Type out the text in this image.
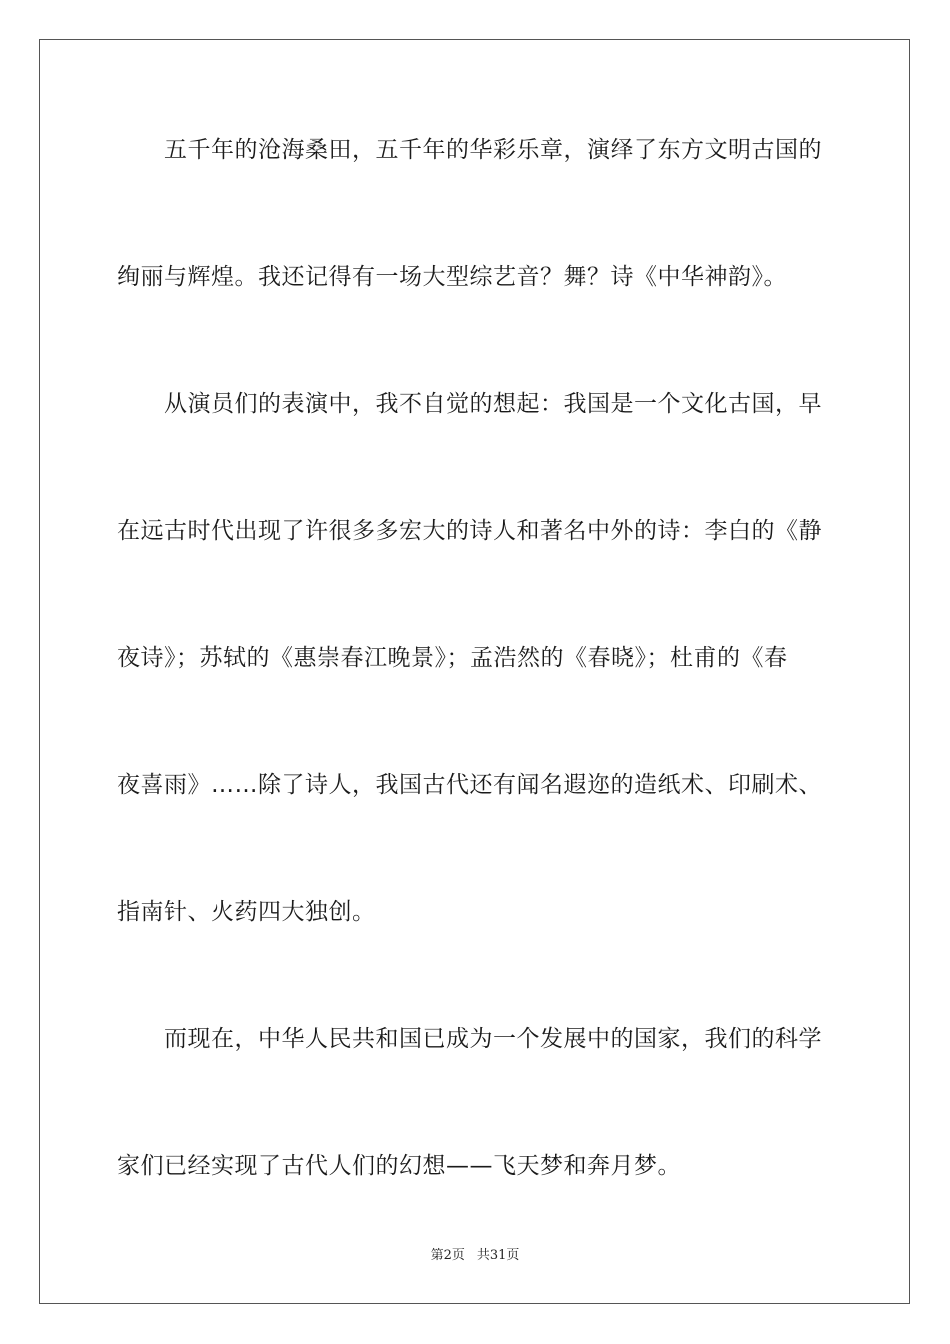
五千年的沧海桑田，五千年的华彩乐章，演绎了东方文明古国的
绚丽与辉煌。我还记得有一场大型综艺音？舞？诗《中华神韵》。
从演员们的表演中，我不自觉的想起：我国是一个文化古国，早
在远古时代出现了许很多多宏大的诗人和著名中外的诗：李白的《静
夜诗》；苏轼的《惠崇春江晚景》；孟浩然的《春晓》；杜甫的《春
夜喜雨》……除了诗人，我国古代还有闻名遐迩的造纸术、印刷术、
指南针、火药四大独创。
而现在，中华人民共和国已成为一个发展中的国家，我们的科学
家们已经实现了古代人们的幻想——飞天梦和奔月梦。
第2页 共31页
